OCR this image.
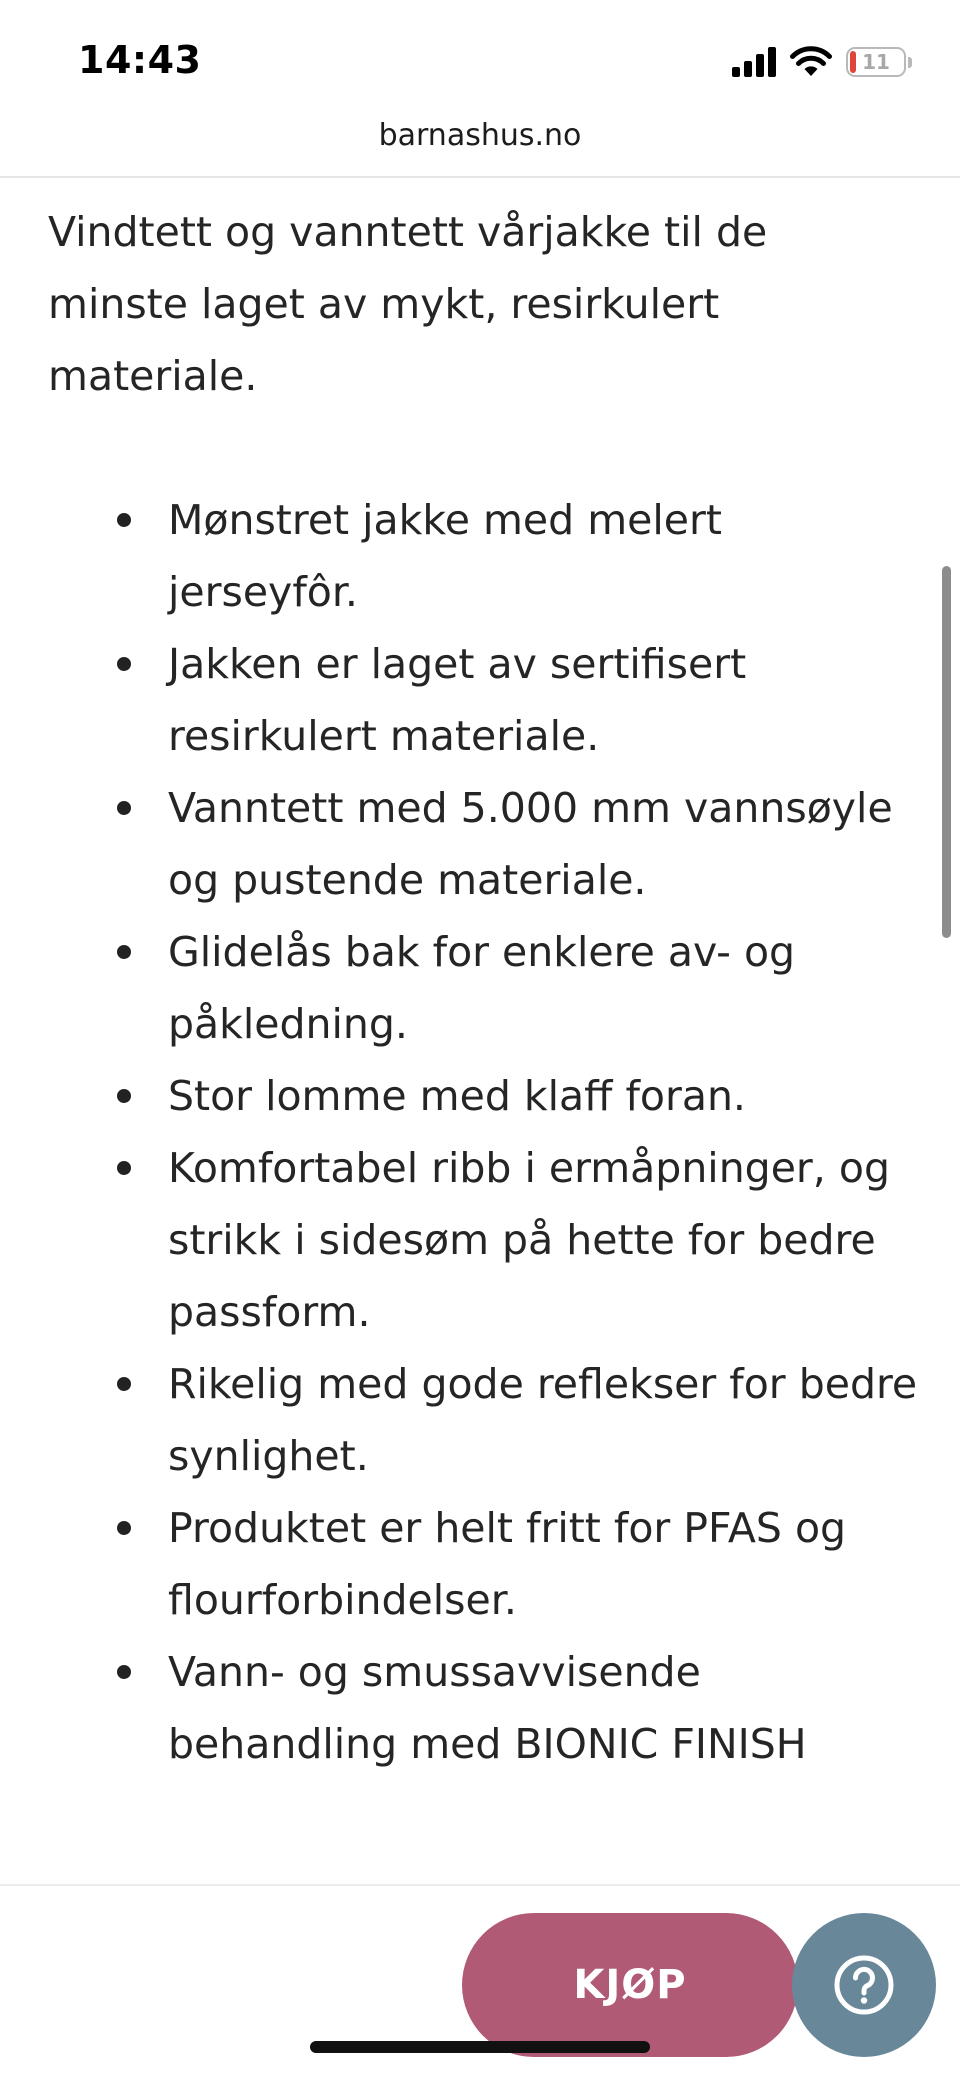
14:43	11
barnashus.no

Vindtett og vanntett vårjakke til de minste laget av mykt, resirkulert materiale.

Mønstret jakke med melert jerseyfôr.
Jakken er laget av sertifisert resirkulert materiale.
Vanntett med 5.000 mm vannsøyle og pustende materiale.
Glidelås bak for enklere av- og påkledning.
Stor lomme med klaff foran.
Komfortabel ribb i ermåpninger, og strikk i sidesøm på hette for bedre passform.
Rikelig med gode reflekser for bedre synlighet.
Produktet er helt fritt for PFAS og flourforbindelser.
Vann- og smussavvisende behandling med BIONIC FINISH
KJØP
